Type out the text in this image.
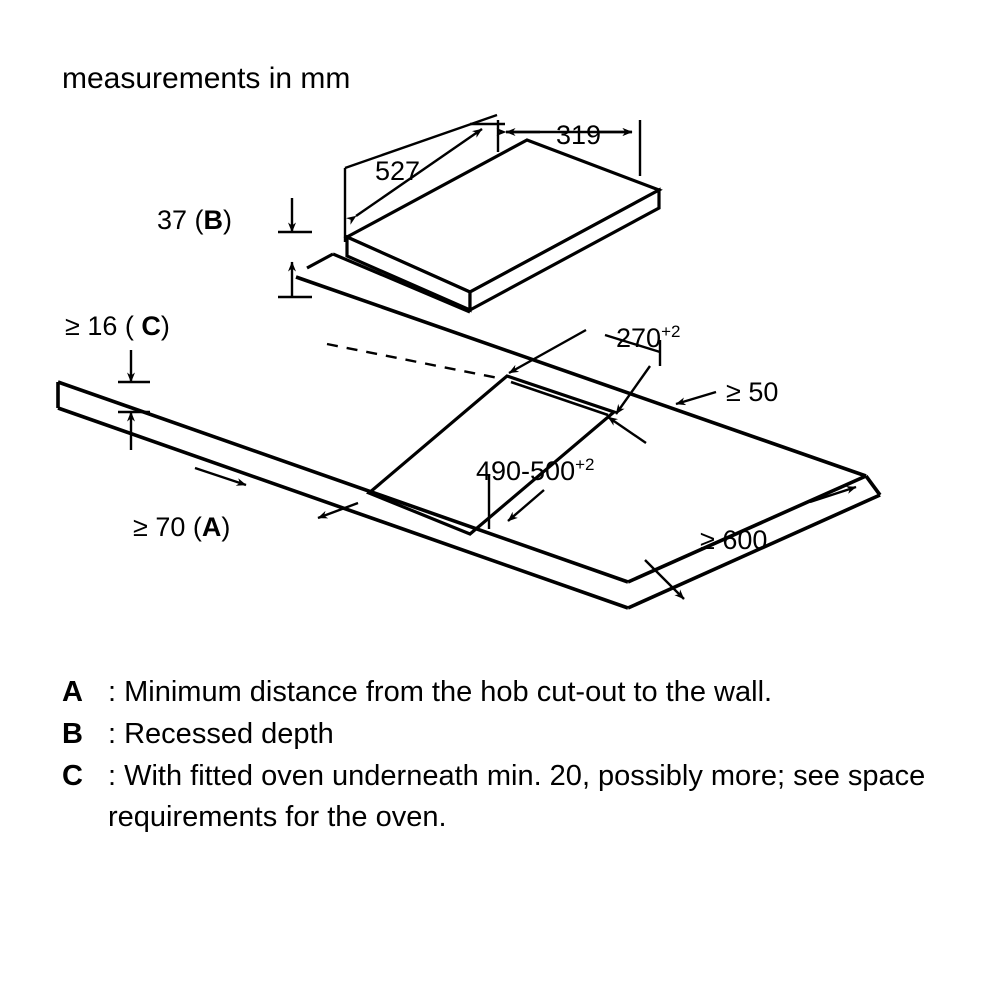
measurements in mm
319
527
37 (B)
≥ 16 ( C)	$270^{+2}$
≥ 50
$490-500^{+2}$
≥ 70 (A)	≥ 600
A : Minimum distance from the hob cut-out to the wall.
B : Recessed depth
C : With fitted oven underneath min. 20, possibly more; see space requirements for the oven.
